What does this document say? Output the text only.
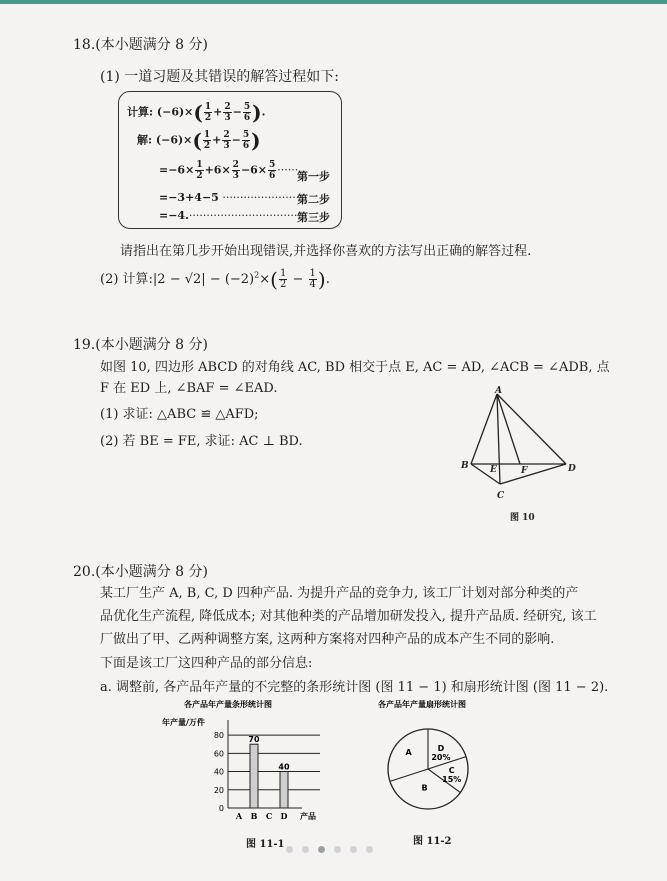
18.(本小题满分 8 分)
(1) 一道习题及其错误的解答过程如下:
计算: $(-6)\times( \frac{1}{2} + \frac{2}{3} - \frac{5}{6}$ ).
解: $(-6)\times( \frac{1}{2} + \frac{2}{3} - \frac{5}{6}$ )
$=-6\times \frac{1}{2} +6\times \frac{2}{3} -6\times \frac{5}{6}$ ······
第一步
=−3+4−5 ·······················
第二步
=−4.·································
第三步
请指出在第几步开始出现错误,并选择你喜欢的方法写出正确的解答过程.
(2) 计算:|2 − $√2| - (-2)^2\times( \frac{1}{2} - \frac{1}{4}$ ).
19.(本小题满分 8 分)
如图 10, 四边形 ABCD 的对角线 AC, BD 相交于点 E, AC = AD, ∠ACB = ∠ADB, 点
F 在 ED 上, ∠BAF = ∠EAD.
(1) 求证: △ABC ≌ △AFD;
(2) 若 BE = FE, 求证: AC ⊥ BD.
A
B E	F	D
C
图 10
20.(本小题满分 8 分)
某工厂生产 A, B, C, D 四种产品. 为提升产品的竞争力, 该工厂计划对部分种类的产
品优化生产流程, 降低成本; 对其他种类的产品增加研发投入, 提升产品质. 经研究, 该工
厂做出了甲、乙两种调整方案, 这两种方案将对四种产品的成本产生不同的影响.
下面是该工厂这四种产品的部分信息:
a. 调整前, 各产品年产量的不完整的条形统计图 (图 11 − 1) 和扇形统计图 (图 11 − 2).
各产品年产量条形统计图
年产量/万件
0
20
40
60
80
A
70
B C
40
D 产品
图 11-1
各产品年产量扇形统计图
D
20%
C
15%
B
A
图 11-2
